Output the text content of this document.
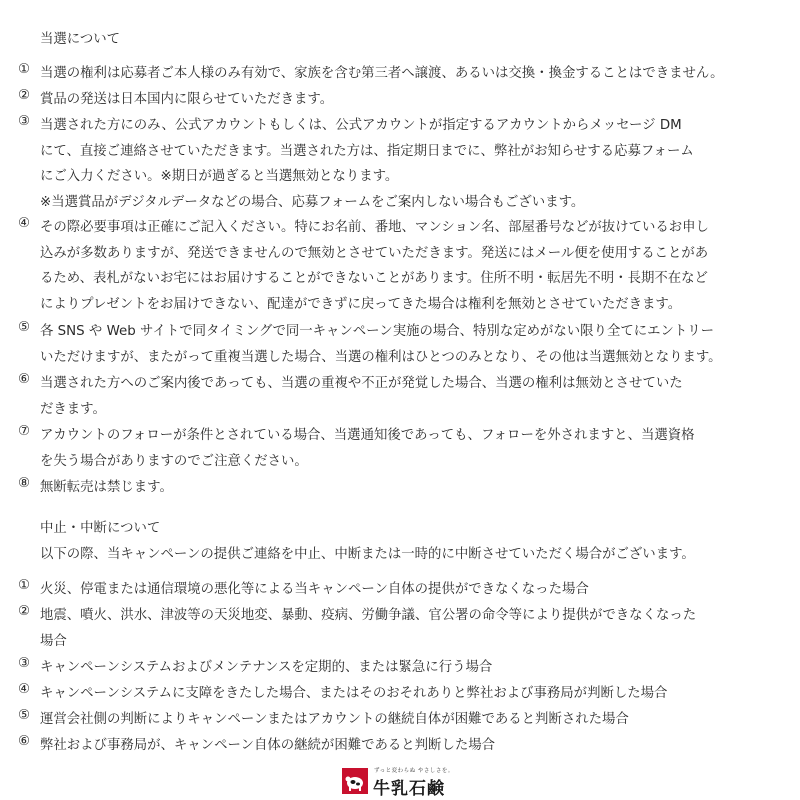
当選について
① 当選の権利は応募者ご本人様のみ有効で、家族を含む第三者へ譲渡、あるいは交換・換金することはできません。
② 賞品の発送は日本国内に限らせていただきます。
③ 当選された方にのみ、公式アカウントもしくは、公式アカウントが指定するアカウントからメッセージ DM
にて、直接ご連絡させていただきます。当選された方は、指定期日までに、弊社がお知らせする応募フォーム
にご入力ください。※期日が過ぎると当選無効となります。
※当選賞品がデジタルデータなどの場合、応募フォームをご案内しない場合もございます。
④ その際必要事項は正確にご記入ください。特にお名前、番地、マンション名、部屋番号などが抜けているお申し
込みが多数ありますが、発送できませんので無効とさせていただきます。発送にはメール便を使用することがあ
るため、表札がないお宅にはお届けすることができないことがあります。住所不明・転居先不明・長期不在など
によりプレゼントをお届けできない、配達ができずに戻ってきた場合は権利を無効とさせていただきます。
⑤ 各 SNS や Web サイトで同タイミングで同一キャンペーン実施の場合、特別な定めがない限り全てにエントリー
いただけますが、またがって重複当選した場合、当選の権利はひとつのみとなり、その他は当選無効となります。
⑥ 当選された方へのご案内後であっても、当選の重複や不正が発覚した場合、当選の権利は無効とさせていた
だきます。
⑦ アカウントのフォローが条件とされている場合、当選通知後であっても、フォローを外されますと、当選資格
を失う場合がありますのでご注意ください。
⑧ 無断転売は禁じます。
中止・中断について
以下の際、当キャンペーンの提供ご連絡を中止、中断または一時的に中断させていただく場合がございます。
① 火災、停電または通信環境の悪化等による当キャンペーン自体の提供ができなくなった場合
② 地震、噴火、洪水、津波等の天災地変、暴動、疫病、労働争議、官公署の命令等により提供ができなくなった
場合
③ キャンペーンシステムおよびメンテナンスを定期的、または緊急に行う場合
④ キャンペーンシステムに支障をきたした場合、またはそのおそれありと弊社および事務局が判断した場合
⑤ 運営会社側の判断によりキャンペーンまたはアカウントの継続自体が困難であると判断された場合
⑥ 弊社および事務局が、キャンペーン自体の継続が困難であると判断した場合
ずっと変わらぬ やさしさを。
牛乳石鹸
